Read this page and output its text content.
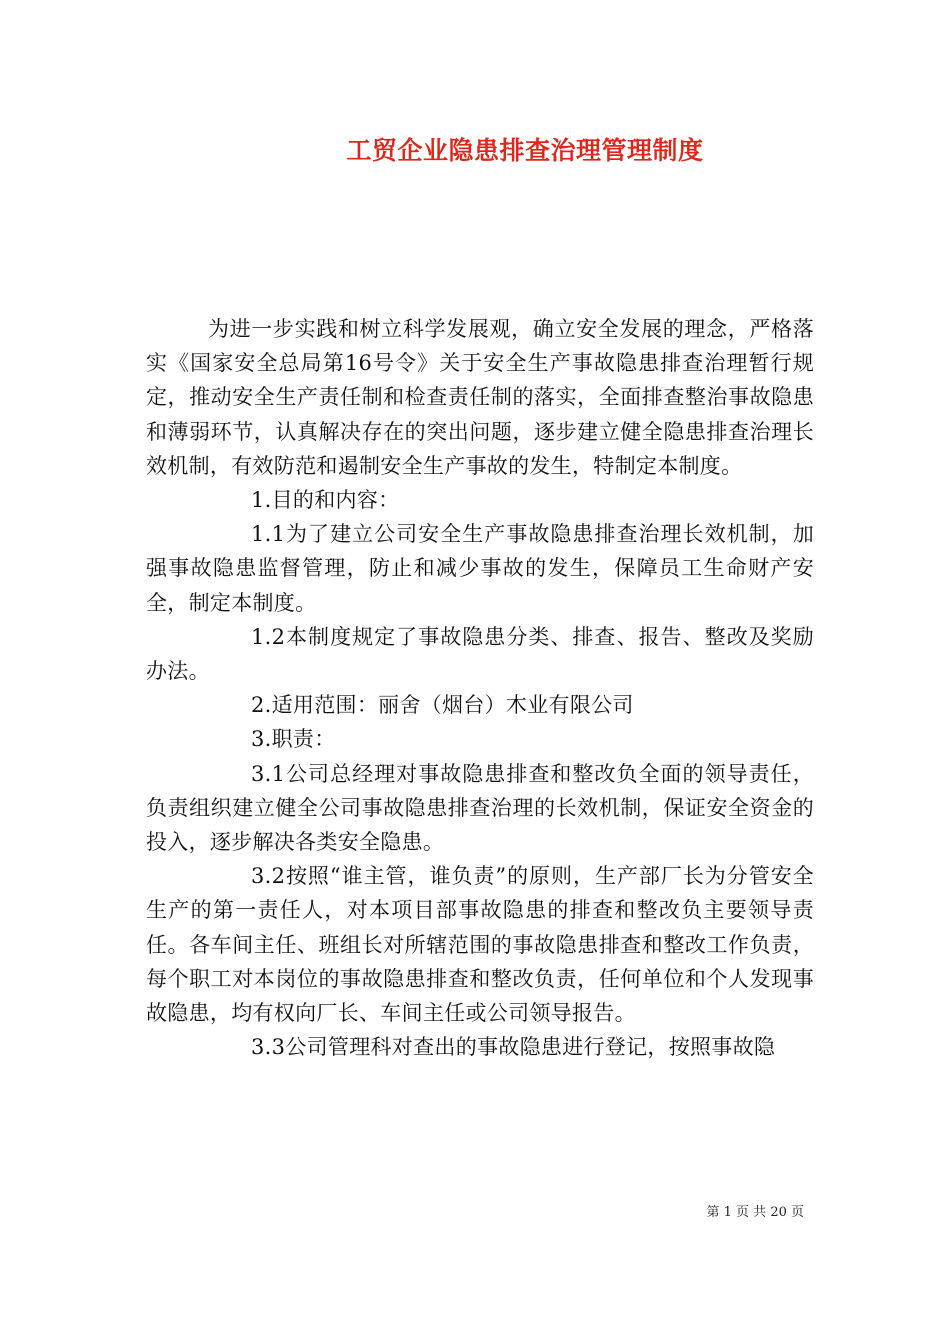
工贸企业隐患排查治理管理制度

为进一步实践和树立科学发展观，确立安全发展的理念，严格落实《国家安全总局第16号令》关于安全生产事故隐患排查治理暂行规定，推动安全生产责任制和检查责任制的落实，全面排查整治事故隐患和薄弱环节，认真解决存在的突出问题，逐步建立健全隐患排查治理长效机制，有效防范和遏制安全生产事故的发生，特制定本制度。

1.目的和内容：

1.1为了建立公司安全生产事故隐患排查治理长效机制，加强事故隐患监督管理，防止和减少事故的发生，保障员工生命财产安全，制定本制度。

1.2本制度规定了事故隐患分类、排查、报告、整改及奖励办法。

2.适用范围：丽舍（烟台）木业有限公司

3.职责：

3.1公司总经理对事故隐患排查和整改负全面的领导责任，负责组织建立健全公司事故隐患排查治理的长效机制，保证安全资金的投入，逐步解决各类安全隐患。

3.2按照“谁主管，谁负责”的原则，生产部厂长为分管安全生产的第一责任人，对本项目部事故隐患的排查和整改负主要领导责任。各车间主任、班组长对所辖范围的事故隐患排查和整改工作负责，每个职工对本岗位的事故隐患排查和整改负责，任何单位和个人发现事故隐患，均有权向厂长、车间主任或公司领导报告。

3.3公司管理科对查出的事故隐患进行登记，按照事故隐

第 1 页 共 20 页
